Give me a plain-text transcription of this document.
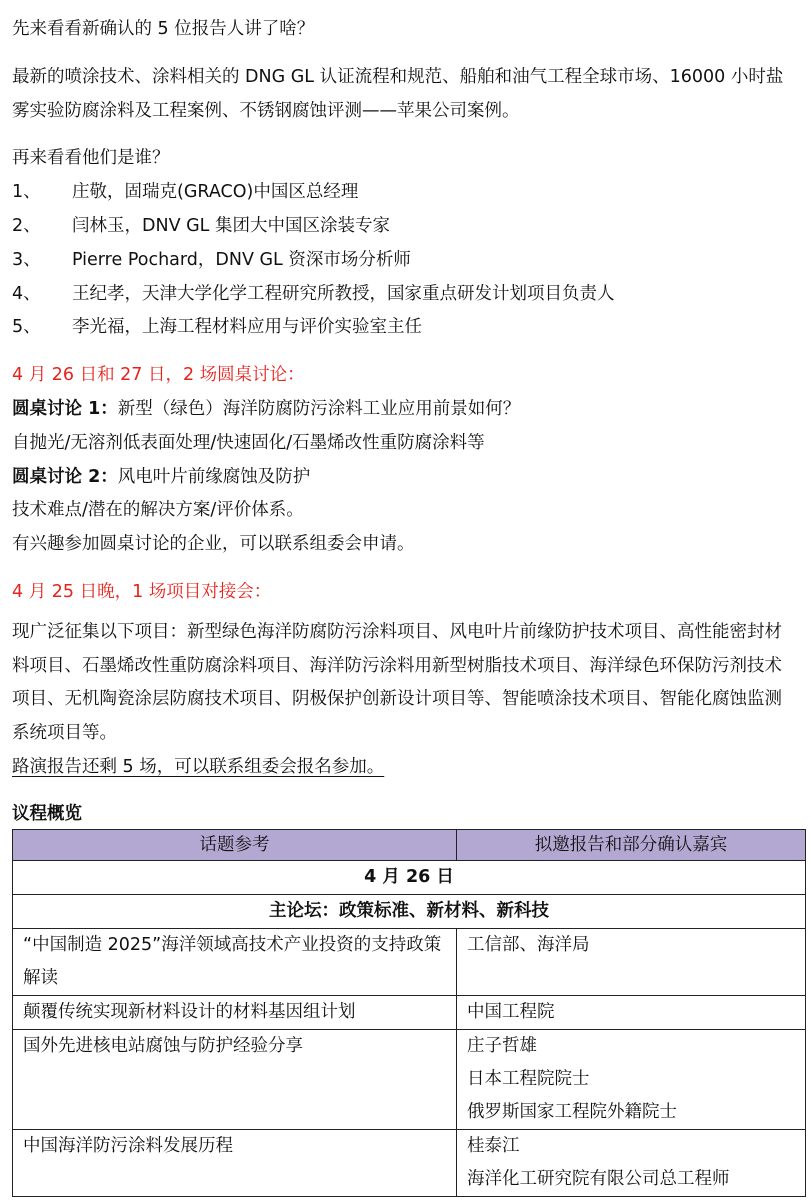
先来看看新确认的 5 位报告人讲了啥？

最新的喷涂技术、涂料相关的 DNG GL 认证流程和规范、船舶和油气工程全球市场、16000 小时盐雾实验防腐涂料及工程案例、不锈钢腐蚀评测——苹果公司案例。

再来看看他们是谁？

1、	庄敬，固瑞克(GRACO)中国区总经理
2、	闫林玉，DNV GL 集团大中国区涂装专家
3、	Pierre Pochard，DNV GL 资深市场分析师
4、	王纪孝，天津大学化学工程研究所教授，国家重点研发计划项目负责人
5、	李光福，上海工程材料应用与评价实验室主任

4 月 26 日和 27 日，2 场圆桌讨论：

圆桌讨论 1：新型（绿色）海洋防腐防污涂料工业应用前景如何？

自抛光/无溶剂低表面处理/快速固化/石墨烯改性重防腐涂料等

圆桌讨论 2：风电叶片前缘腐蚀及防护

技术难点/潜在的解决方案/评价体系。

有兴趣参加圆桌讨论的企业，可以联系组委会申请。

4 月 25 日晚，1 场项目对接会：

现广泛征集以下项目：新型绿色海洋防腐防污涂料项目、风电叶片前缘防护技术项目、高性能密封材料项目、石墨烯改性重防腐涂料项目、海洋防污涂料用新型树脂技术项目、海洋绿色环保防污剂技术项目、无机陶瓷涂层防腐技术项目、阴极保护创新设计项目等、智能喷涂技术项目、智能化腐蚀监测系统项目等。

路演报告还剩 5 场，可以联系组委会报名参加。

议程概览

话题参考	拟邀报告和部分确认嘉宾
4 月 26 日	
主论坛：政策标准、新材料、新科技	
“中国制造 2025”海洋领域高技术产业投资的支持政策解读	工信部、海洋局

颠覆传统实现新材料设计的材料基因组计划	中国工程院

国外先进核电站腐蚀与防护经验分享	庄子哲雄
日本工程院院士
俄罗斯国家工程院外籍院士

中国海洋防污涂料发展历程	桂泰江
海洋化工研究院有限公司总工程师
